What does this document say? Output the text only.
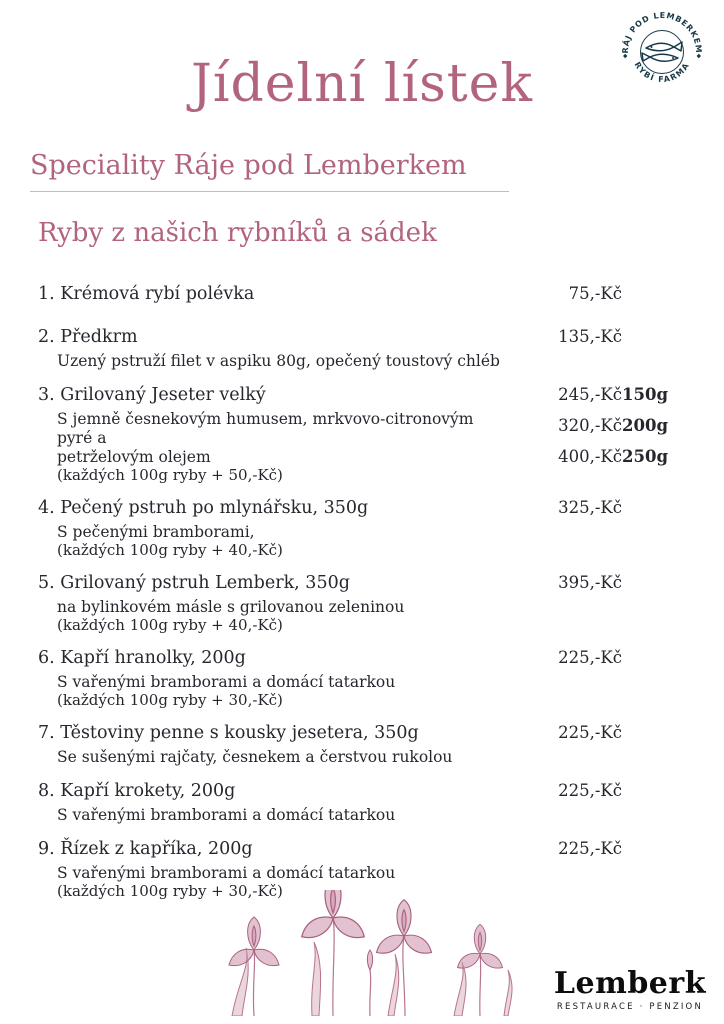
RÁJ POD LEMBERKEM
RYBÍ FARMA
Jídelní lístek
Speciality Ráje pod Lemberkem
Ryby z našich rybníků a sádek
1. Krémová rybí polévka	75,-Kč
2. Předkrm
Uzený pstruží filet v aspiku 80g, opečený toustový chléb
135,-Kč
3. Grilovaný Jeseter velký
S jemně česnekovým humusem, mrkvovo-citronovým pyré a
petrželovým olejem
(každých 100g ryby + 50,-Kč)
245,-Kč 150g
320,-Kč 200g
400,-Kč 250g
4. Pečený pstruh po mlynářsku, 350g
S pečenými bramborami,
(každých 100g ryby + 40,-Kč)
325,-Kč
5. Grilovaný pstruh Lemberk, 350g
na bylinkovém másle s grilovanou zeleninou
(každých 100g ryby + 40,-Kč)
395,-Kč
6. Kapří hranolky, 200g
S vařenými bramborami a domácí tatarkou
(každých 100g ryby + 30,-Kč)
225,-Kč
7. Těstoviny penne s kousky jesetera, 350g
Se sušenými rajčaty, česnekem a čerstvou rukolou
225,-Kč
8. Kapří krokety, 200g
S vařenými bramborami a domácí tatarkou
225,-Kč
9. Řízek z kapříka, 200g
S vařenými bramborami a domácí tatarkou
(každých 100g ryby + 30,-Kč)
225,-Kč
Lemberk
RESTAURACE · PENZION
